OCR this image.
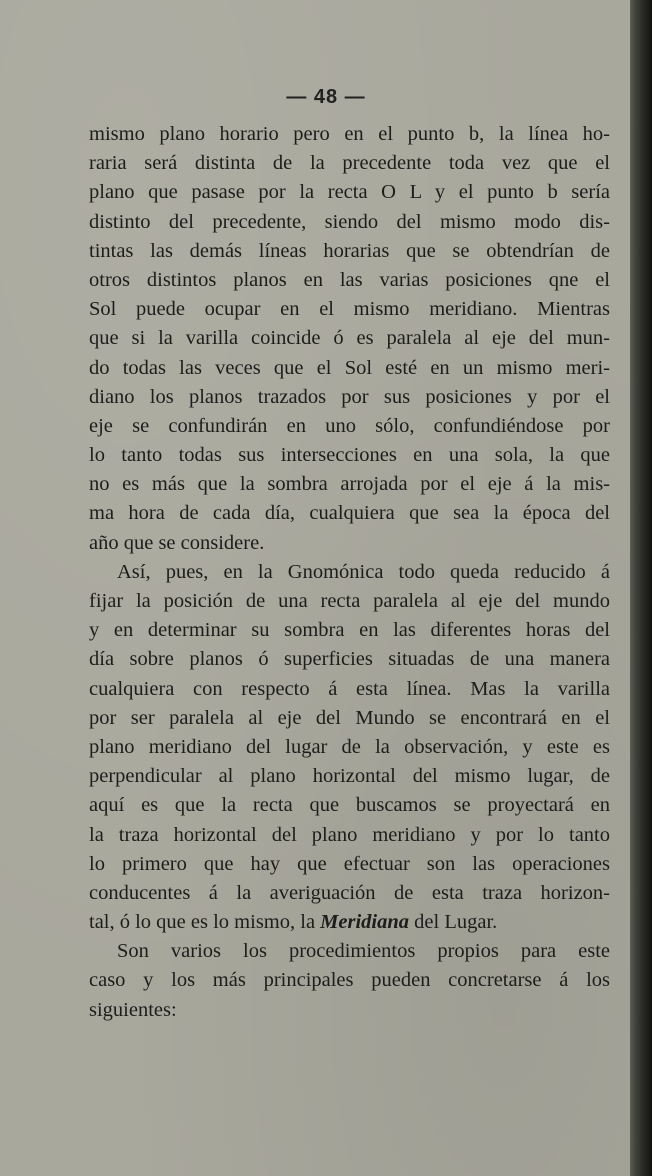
— 48 —
mismo plano horario pero en el punto b, la línea ho-
raria será distinta de la precedente toda vez que el
plano que pasase por la recta O L y el punto b sería
distinto del precedente, siendo del mismo modo dis-
tintas las demás líneas horarias que se obtendrían de
otros distintos planos en las varias posiciones qne el
Sol puede ocupar en el mismo meridiano. Mientras
que si la varilla coincide ó es paralela al eje del mun-
do todas las veces que el Sol esté en un mismo meri-
diano los planos trazados por sus posiciones y por el
eje se confundirán en uno sólo, confundiéndose por
lo tanto todas sus intersecciones en una sola, la que
no es más que la sombra arrojada por el eje á la mis-
ma hora de cada día, cualquiera que sea la época del
año que se considere.
Así, pues, en la Gnomónica todo queda reducido á
fijar la posición de una recta paralela al eje del mundo
y en determinar su sombra en las diferentes horas del
día sobre planos ó superficies situadas de una manera
cualquiera con respecto á esta línea. Mas la varilla
por ser paralela al eje del Mundo se encontrará en el
plano meridiano del lugar de la observación, y este es
perpendicular al plano horizontal del mismo lugar, de
aquí es que la recta que buscamos se proyectará en
la traza horizontal del plano meridiano y por lo tanto
lo primero que hay que efectuar son las operaciones
conducentes á la averiguación de esta traza horizon-
tal, ó lo que es lo mismo, la Meridiana del Lugar.
Son varios los procedimientos propios para este
caso y los más principales pueden concretarse á los
siguientes:
